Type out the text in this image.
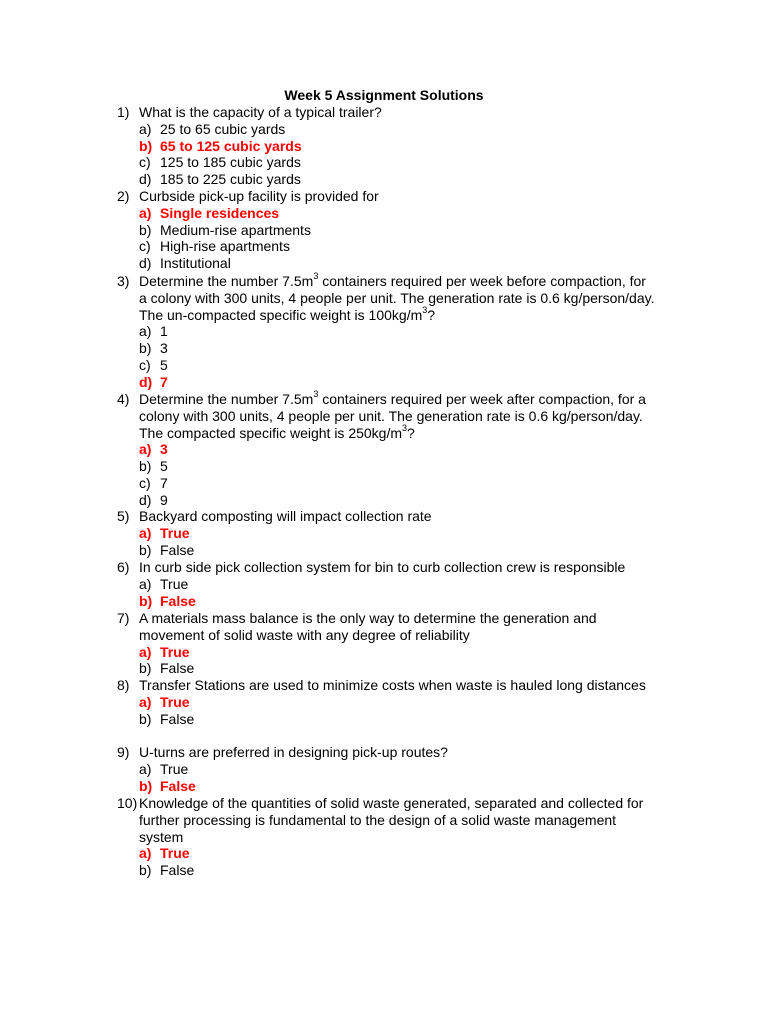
Week 5 Assignment Solutions
1) What is the capacity of a typical trailer?
a) 25 to 65 cubic yards
b) 65 to 125 cubic yards
c) 125 to 185 cubic yards
d) 185 to 225 cubic yards
2) Curbside pick-up facility is provided for
a) Single residences
b) Medium-rise apartments
c) High-rise apartments
d) Institutional
3) Determine the number $7.5m^3$ containers required per week before compaction, for a colony with 300 units, 4 people per unit. The generation rate is 0.6 kg/person/day. The un-compacted specific weight is $100kg/m^3$?
a) 1
b) 3
c) 5
d) 7
4) Determine the number $7.5m^3$ containers required per week after compaction, for a colony with 300 units, 4 people per unit. The generation rate is 0.6 kg/person/day. The compacted specific weight is $250kg/m^3$?
a) 3
b) 5
c) 7
d) 9
5) Backyard composting will impact collection rate
a) True
b) False
6) In curb side pick collection system for bin to curb collection crew is responsible
a) True
b) False
7) A materials mass balance is the only way to determine the generation and movement of solid waste with any degree of reliability
a) True
b) False
8) Transfer Stations are used to minimize costs when waste is hauled long distances
a) True
b) False
9) U-turns are preferred in designing pick-up routes?
a) True
b) False
10) Knowledge of the quantities of solid waste generated, separated and collected for further processing is fundamental to the design of a solid waste management system
a) True
b) False
